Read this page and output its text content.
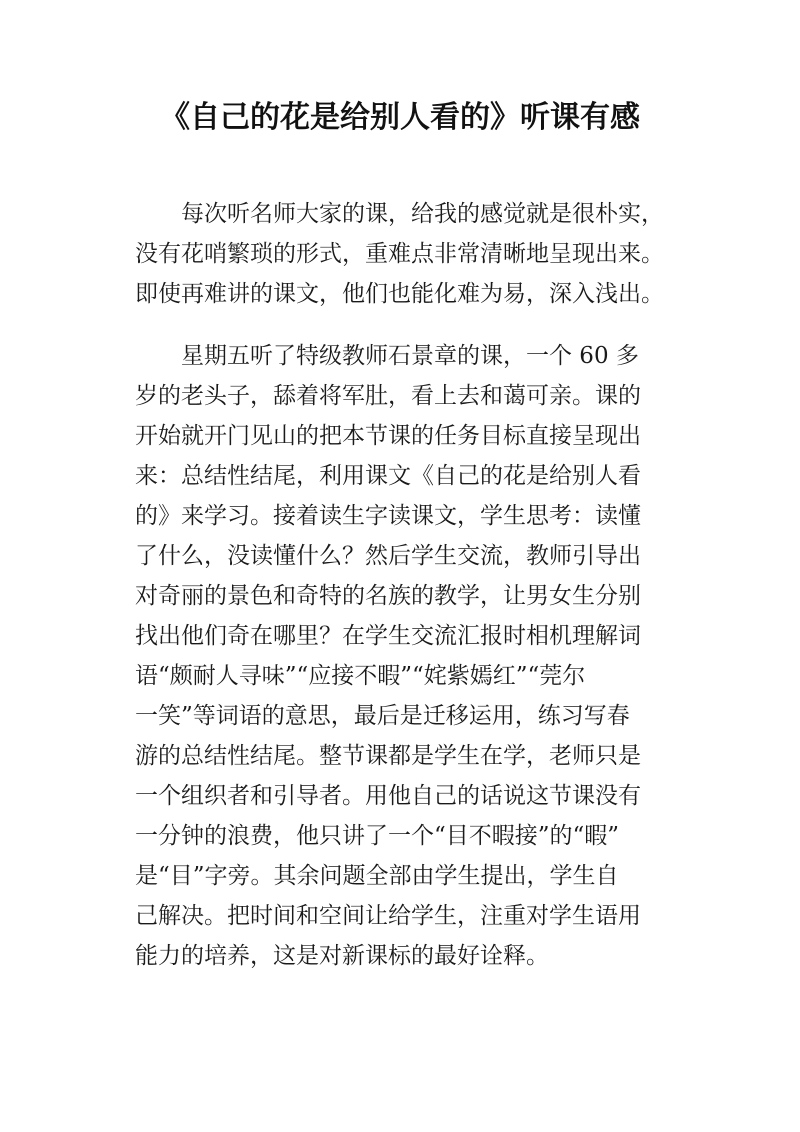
《自己的花是给别人看的》听课有感
每次听名师大家的课，给我的感觉就是很朴实，
没有花哨繁琐的形式，重难点非常清晰地呈现出来。
即使再难讲的课文，他们也能化难为易，深入浅出。
星期五听了特级教师石景章的课，一个 60 多
岁的老头子，舔着将军肚，看上去和蔼可亲。课的
开始就开门见山的把本节课的任务目标直接呈现出
来：总结性结尾，利用课文《自己的花是给别人看
的》来学习。接着读生字读课文，学生思考：读懂
了什么，没读懂什么？然后学生交流，教师引导出
对奇丽的景色和奇特的名族的教学，让男女生分别
找出他们奇在哪里？在学生交流汇报时相机理解词
语“颇耐人寻味”“应接不暇”“姹紫嫣红”“莞尔
一笑”等词语的意思，最后是迁移运用，练习写春
游的总结性结尾。整节课都是学生在学，老师只是
一个组织者和引导者。用他自己的话说这节课没有
一分钟的浪费，他只讲了一个“目不暇接”的“暇”
是“目”字旁。其余问题全部由学生提出，学生自
己解决。把时间和空间让给学生，注重对学生语用
能力的培养，这是对新课标的最好诠释。
